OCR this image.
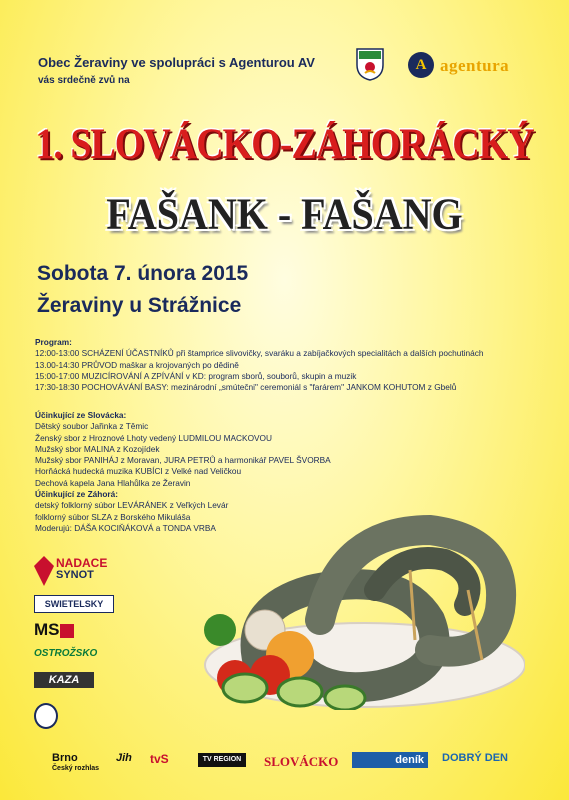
Obec Žeraviny ve spolupráci s Agenturou AV
vás srdečně zvů na
A agentura
1. SLOVÁCKO-ZÁHORÁCKÝ
FAŠANK - FAŠANG
Sobota 7. února 2015
Žeraviny u Strážnice
Program:
12:00-13:00 SCHÁZENÍ ÚČASTNÍKŮ při štamprice slivovičky, svaráku a zabíjačkových specialitách a dalších pochutinách
13.00-14:30 PRŮVOD maškar a krojovaných po dědině
15:00-17:00 MUZICÍROVÁNÍ A ZPÍVÁNÍ v KD: program sborů, souborů, skupin a muzik
17:30-18:30 POCHOVÁVÁNÍ BASY: mezinárodní „smútečni" ceremoniál s "farárem" JANKOM KOHUTOM z Gbelů
Účinkující ze Slovácka:
Dětský soubor Jařinka z Těmic
Ženský sbor z Hroznové Lhoty vedený LUDMILOU MACKOVOU
Mužský sbor MALINA z Kozojídek
Mužský sbor PANIHÁJ z Moravan, JURA PETRŮ a harmonikář PAVEL ŠVORBA
Horňácká hudecká muzika KUBÍCI z Velké nad Veličkou
Dechová kapela Jana Hlahůlka ze Žeravin
Účinkující ze Záhorá:
detský folklorný súbor LEVÁRÁNEK z Veľkých Levár
folklorný súbor SLZA z Borského Mikuláša
Moderujú: DÁŠA KOCIŇÁKOVÁ a TONDA VRBA
NADACE
SYNOT
SWIETELSKY
MS
OSTROŽSKO
KAZA
Brno
Český rozhlas
Jih tvS	TV REGION	SLOVÁCKO	deník	DOBRÝ DEN
